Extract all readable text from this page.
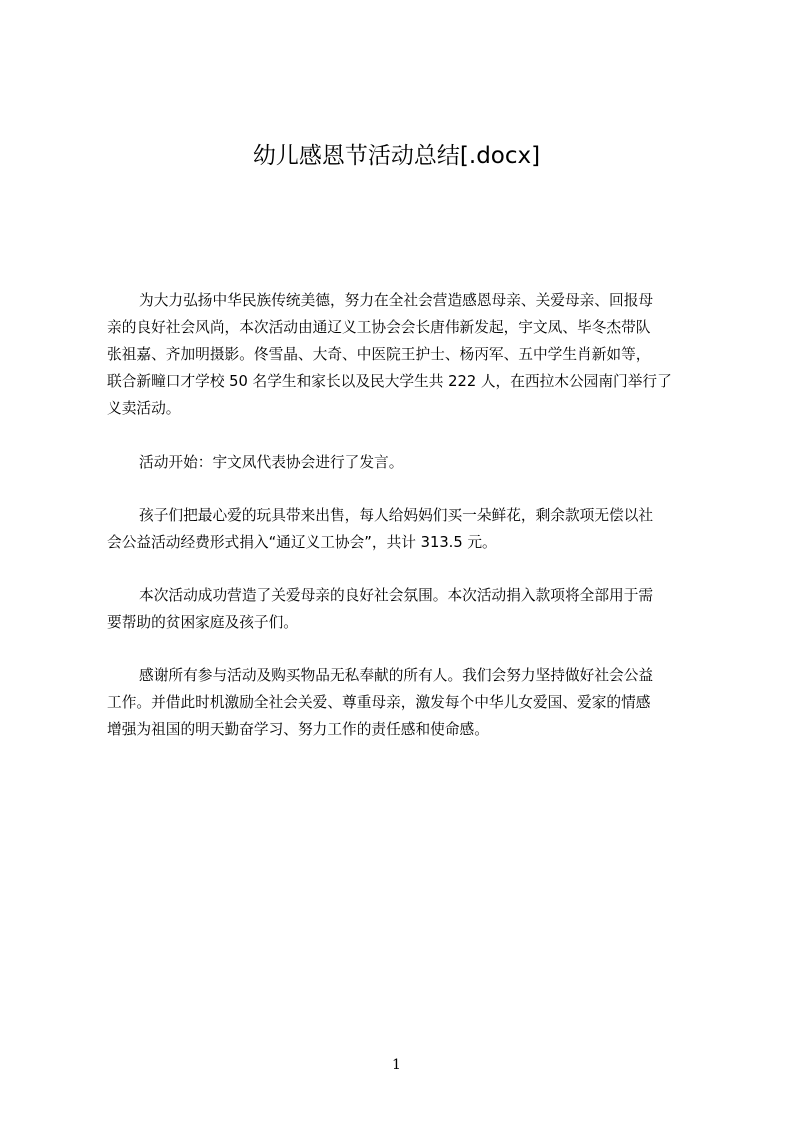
幼儿感恩节活动总结[.docx]
为大力弘扬中华民族传统美德，努力在全社会营造感恩母亲、关爱母亲、回报母
亲的良好社会风尚，本次活动由通辽义工协会会长唐伟新发起，宇文凤、毕冬杰带队
张祖嘉、齐加明摄影。佟雪晶、大奇、中医院王护士、杨丙军、五中学生肖新如等，
联合新疃口才学校 50 名学生和家长以及民大学生共 222 人，在西拉木公园南门举行了
义卖活动。
活动开始：宇文凤代表协会进行了发言。
孩子们把最心爱的玩具带来出售，每人给妈妈们买一朵鲜花，剩余款项无偿以社
会公益活动经费形式捐入“通辽义工协会”，共计 313.5 元。
本次活动成功营造了关爱母亲的良好社会氛围。本次活动捐入款项将全部用于需
要帮助的贫困家庭及孩子们。
感谢所有参与活动及购买物品无私奉献的所有人。我们会努力坚持做好社会公益
工作。并借此时机激励全社会关爱、尊重母亲，激发每个中华儿女爱国、爱家的情感
增强为祖国的明天勤奋学习、努力工作的责任感和使命感。
1
